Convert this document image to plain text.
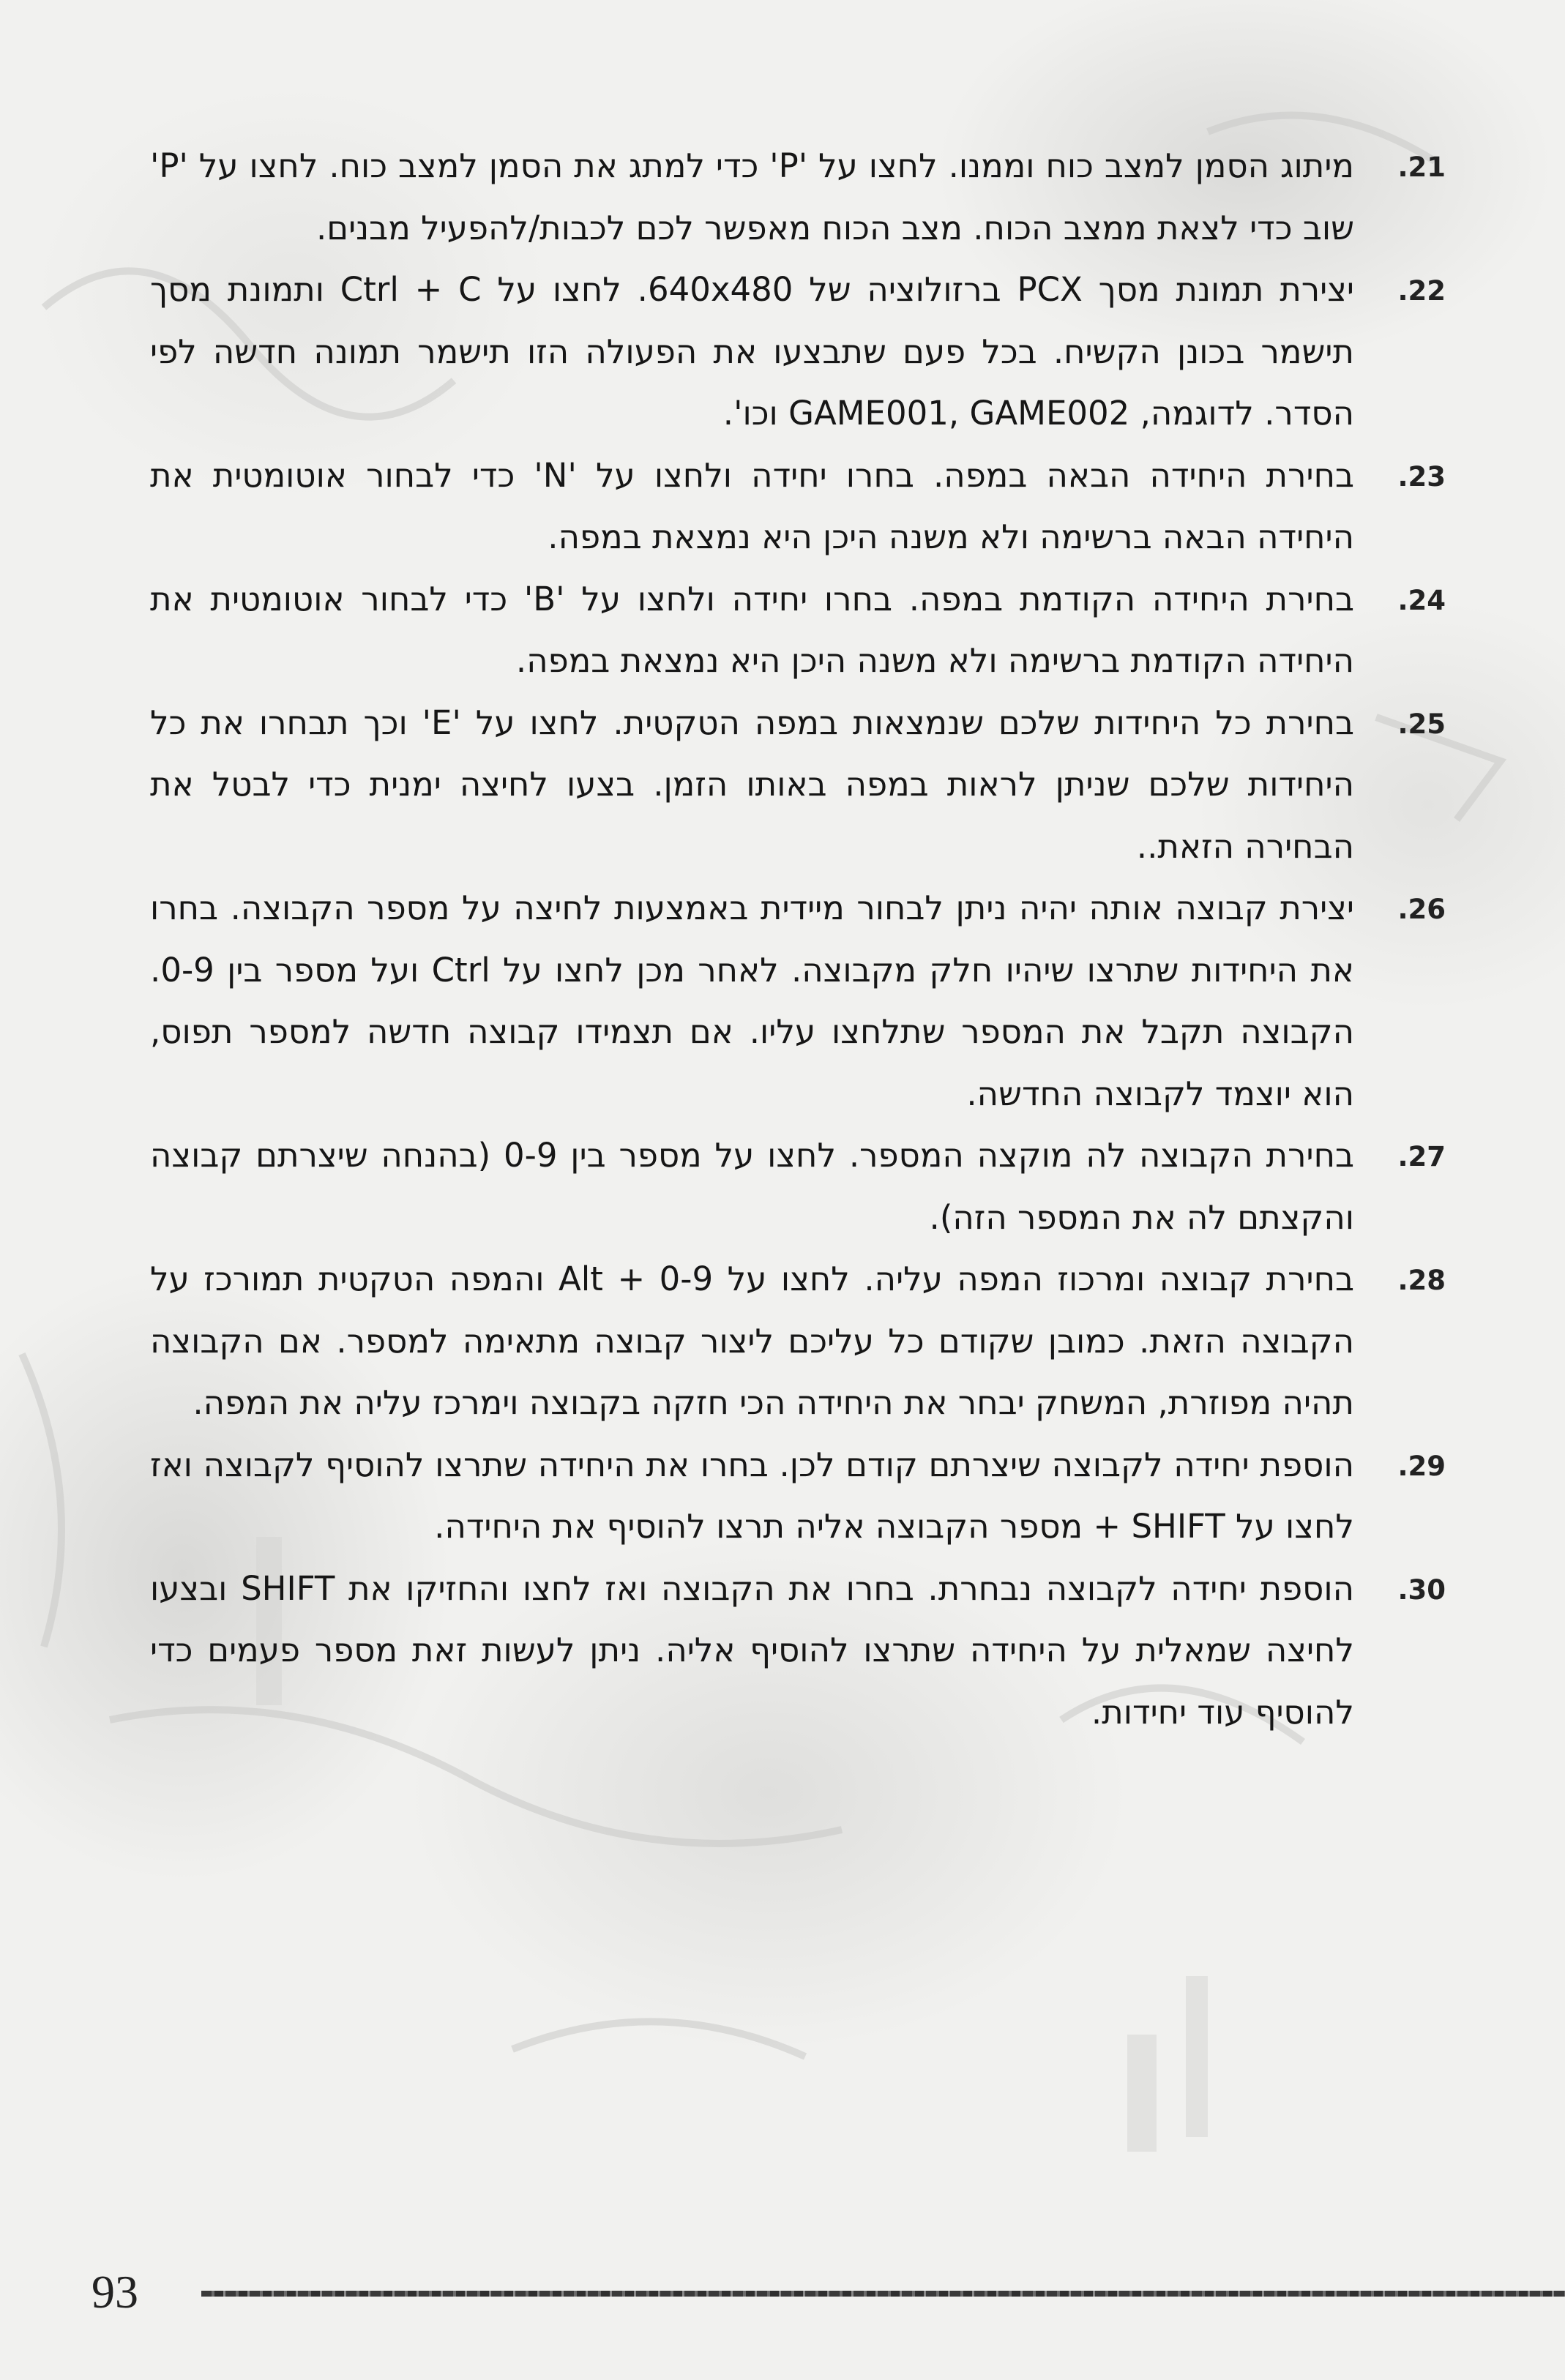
.21
מיתוג הסמן למצב כוח וממנו. לחצו על 'P' כדי למתג את הסמן למצב כוח. לחצו על 'P' שוב כדי לצאת ממצב הכוח. מצב הכוח מאפשר לכם לכבות/להפעיל מבנים.
.22
יצירת תמונת מסך PCX ברזולוציה של 640x480. לחצו על Ctrl + C ותמונת מסך תישמר בכונן הקשיח. בכל פעם שתבצעו את הפעולה הזו תישמר תמונה חדשה לפי הסדר. לדוגמה, GAME001, GAME002 וכו'.
.23
בחירת היחידה הבאה במפה. בחרו יחידה ולחצו על 'N' כדי לבחור אוטומטית את היחידה הבאה ברשימה ולא משנה היכן היא נמצאת במפה.
.24
בחירת היחידה הקודמת במפה. בחרו יחידה ולחצו על 'B' כדי לבחור אוטומטית את היחידה הקודמת ברשימה ולא משנה היכן היא נמצאת במפה.
.25
בחירת כל היחידות שלכם שנמצאות במפה הטקטית. לחצו על 'E' וכך תבחרו את כל היחידות שלכם שניתן לראות במפה באותו הזמן. בצעו לחיצה ימנית כדי לבטל את הבחירה הזאת..
.26
יצירת קבוצה אותה יהיה ניתן לבחור מיידית באמצעות לחיצה על מספר הקבוצה. בחרו את היחידות שתרצו שיהיו חלק מקבוצה. לאחר מכן לחצו על Ctrl ועל מספר בין 0-9. הקבוצה תקבל את המספר שתלחצו עליו. אם תצמידו קבוצה חדשה למספר תפוס, הוא יוצמד לקבוצה החדשה.
.27
בחירת הקבוצה לה מוקצה המספר. לחצו על מספר בין 0-9 (בהנחה שיצרתם קבוצה והקצתם לה את המספר הזה).
.28
בחירת קבוצה ומרכוז המפה עליה. לחצו על Alt + 0-9 והמפה הטקטית תמורכז על הקבוצה הזאת. כמובן שקודם כל עליכם ליצור קבוצה מתאימה למספר. אם הקבוצה תהיה מפוזרת, המשחק יבחר את היחידה הכי חזקה בקבוצה וימרכז עליה את המפה.
.29
הוספת יחידה לקבוצה שיצרתם קודם לכן. בחרו את היחידה שתרצו להוסיף לקבוצה ואז לחצו על SHIFT + מספר הקבוצה אליה תרצו להוסיף את היחידה.
.30
הוספת יחידה לקבוצה נבחרת. בחרו את הקבוצה ואז לחצו והחזיקו את SHIFT ובצעו לחיצה שמאלית על היחידה שתרצו להוסיף אליה. ניתן לעשות זאת מספר פעמים כדי להוסיף עוד יחידות.
93
